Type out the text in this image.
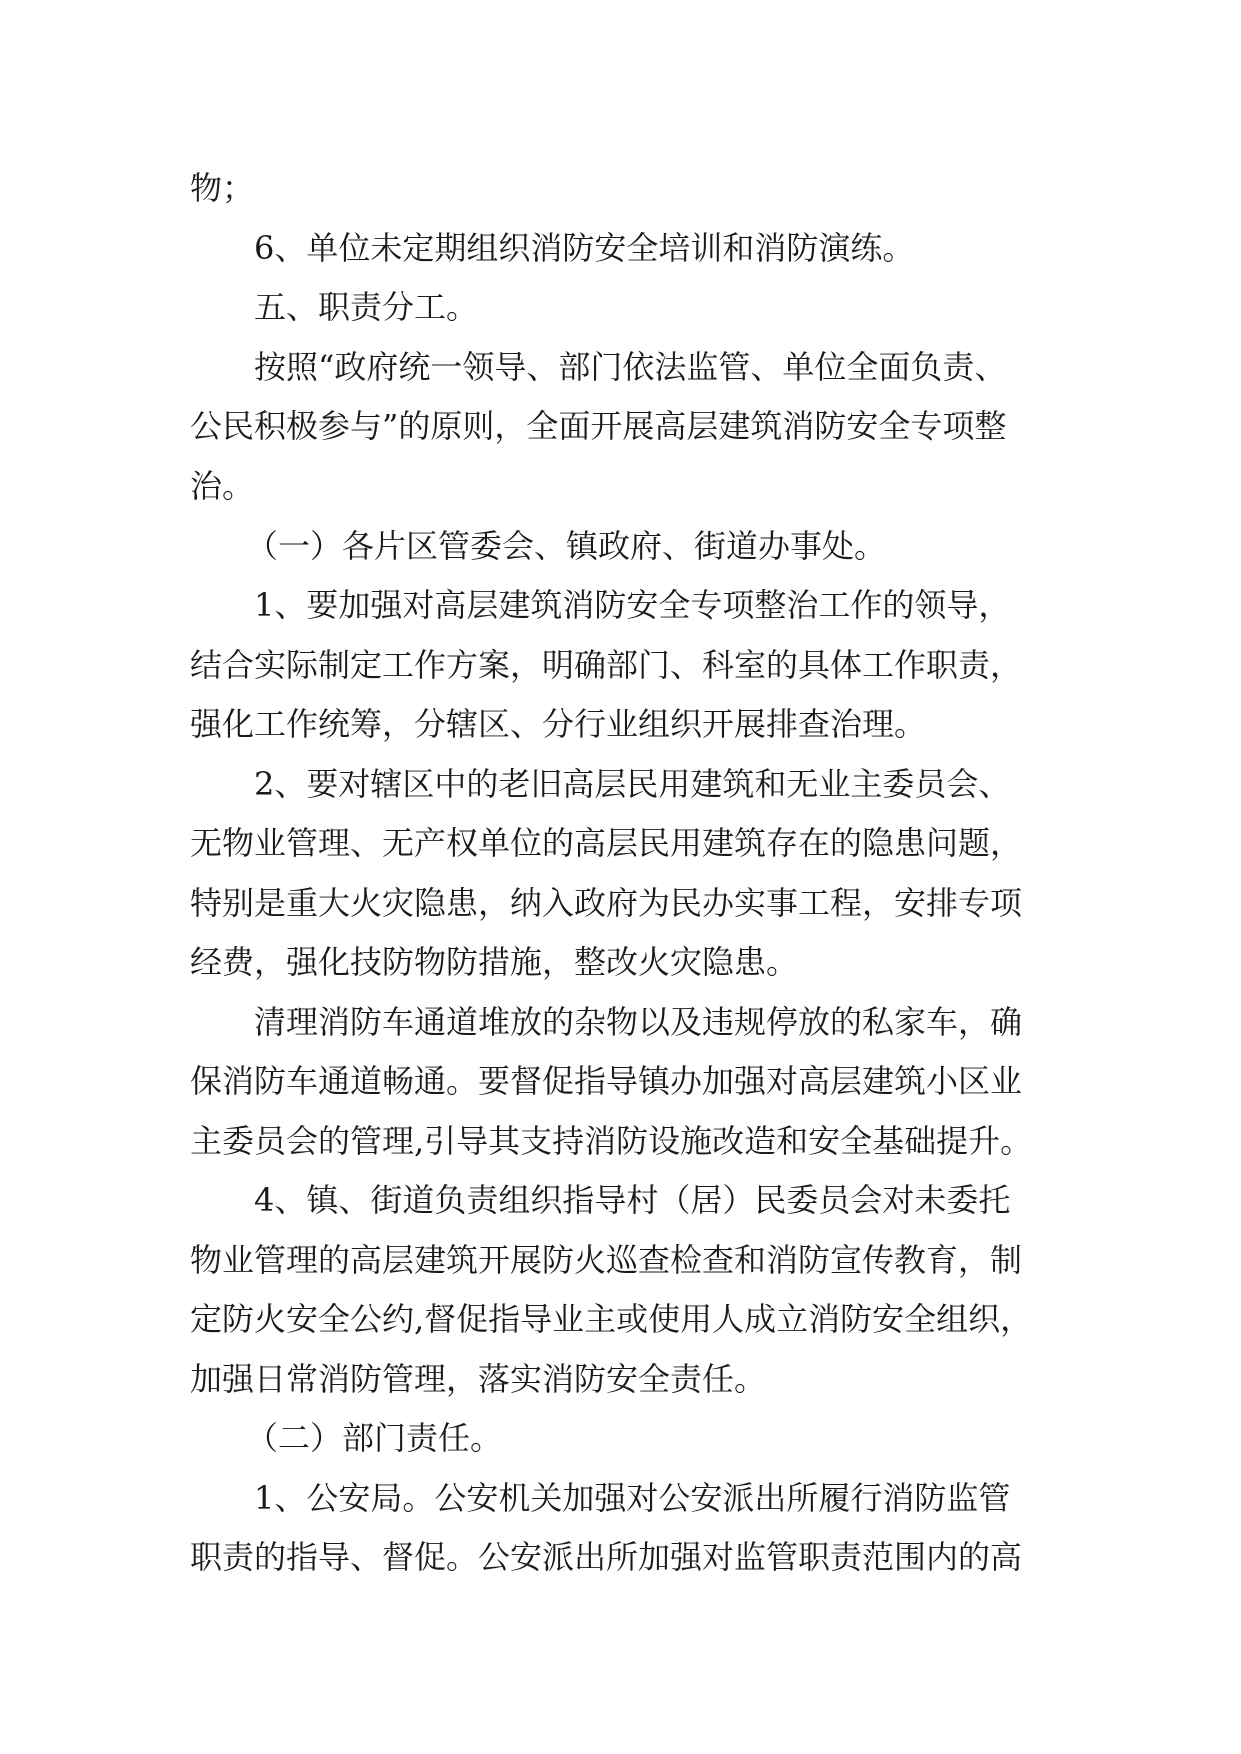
物；
6、单位未定期组织消防安全培训和消防演练。
五、职责分工。
按照“政府统一领导、部门依法监管、单位全面负责、
公民积极参与”的原则，全面开展高层建筑消防安全专项整
治。
（一）各片区管委会、镇政府、街道办事处。
1、要加强对高层建筑消防安全专项整治工作的领导，
结合实际制定工作方案，明确部门、科室的具体工作职责，
强化工作统筹，分辖区、分行业组织开展排查治理。
2、要对辖区中的老旧高层民用建筑和无业主委员会、
无物业管理、无产权单位的高层民用建筑存在的隐患问题，
特别是重大火灾隐患，纳入政府为民办实事工程，安排专项
经费，强化技防物防措施，整改火灾隐患。
清理消防车通道堆放的杂物以及违规停放的私家车，确
保消防车通道畅通。要督促指导镇办加强对高层建筑小区业
主委员会的管理,引导其支持消防设施改造和安全基础提升。
4、镇、街道负责组织指导村（居）民委员会对未委托
物业管理的高层建筑开展防火巡查检查和消防宣传教育，制
定防火安全公约,督促指导业主或使用人成立消防安全组织，
加强日常消防管理，落实消防安全责任。
（二）部门责任。
1、公安局。公安机关加强对公安派出所履行消防监管
职责的指导、督促。公安派出所加强对监管职责范围内的高
